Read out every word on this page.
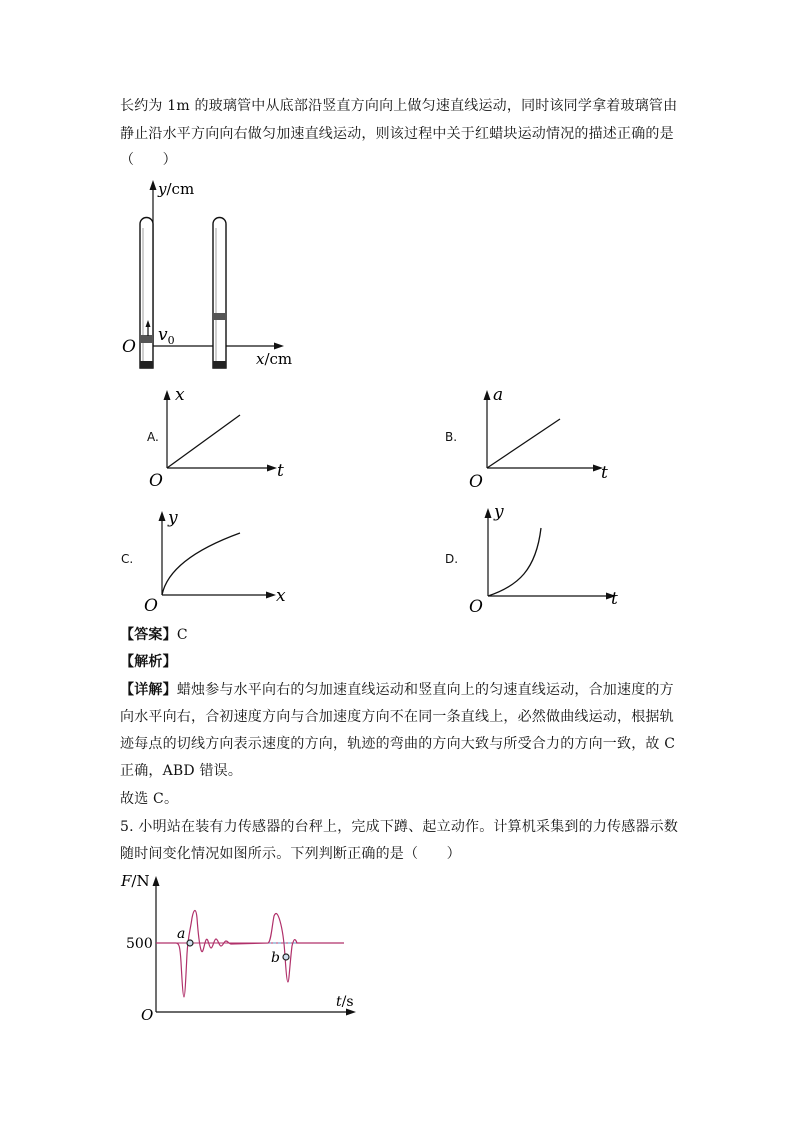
长约为 1m 的玻璃管中从底部沿竖直方向向上做匀速直线运动，同时该同学拿着玻璃管由
静止沿水平方向向右做匀加速直线运动，则该过程中关于红蜡块运动情况的描述正确的是
（　　）
y/cm
x/cm
O
$v_0$
A.
x
t
O
B.
a
t
O
C.
y
x
O
D.
y
t
O
【答案】C
【解析】
【详解】蜡烛参与水平向右的匀加速直线运动和竖直向上的匀速直线运动，合加速度的方
向水平向右，合初速度方向与合加速度方向不在同一条直线上，必然做曲线运动，根据轨
迹每点的切线方向表示速度的方向，轨迹的弯曲的方向大致与所受合力的方向一致，故 C
正确，ABD 错误。
故选 C。
5. 小明站在装有力传感器的台秤上，完成下蹲、起立动作。计算机采集到的力传感器示数
随时间变化情况如图所示。下列判断正确的是（　　）
F/N
t/s
O
500
a
b
